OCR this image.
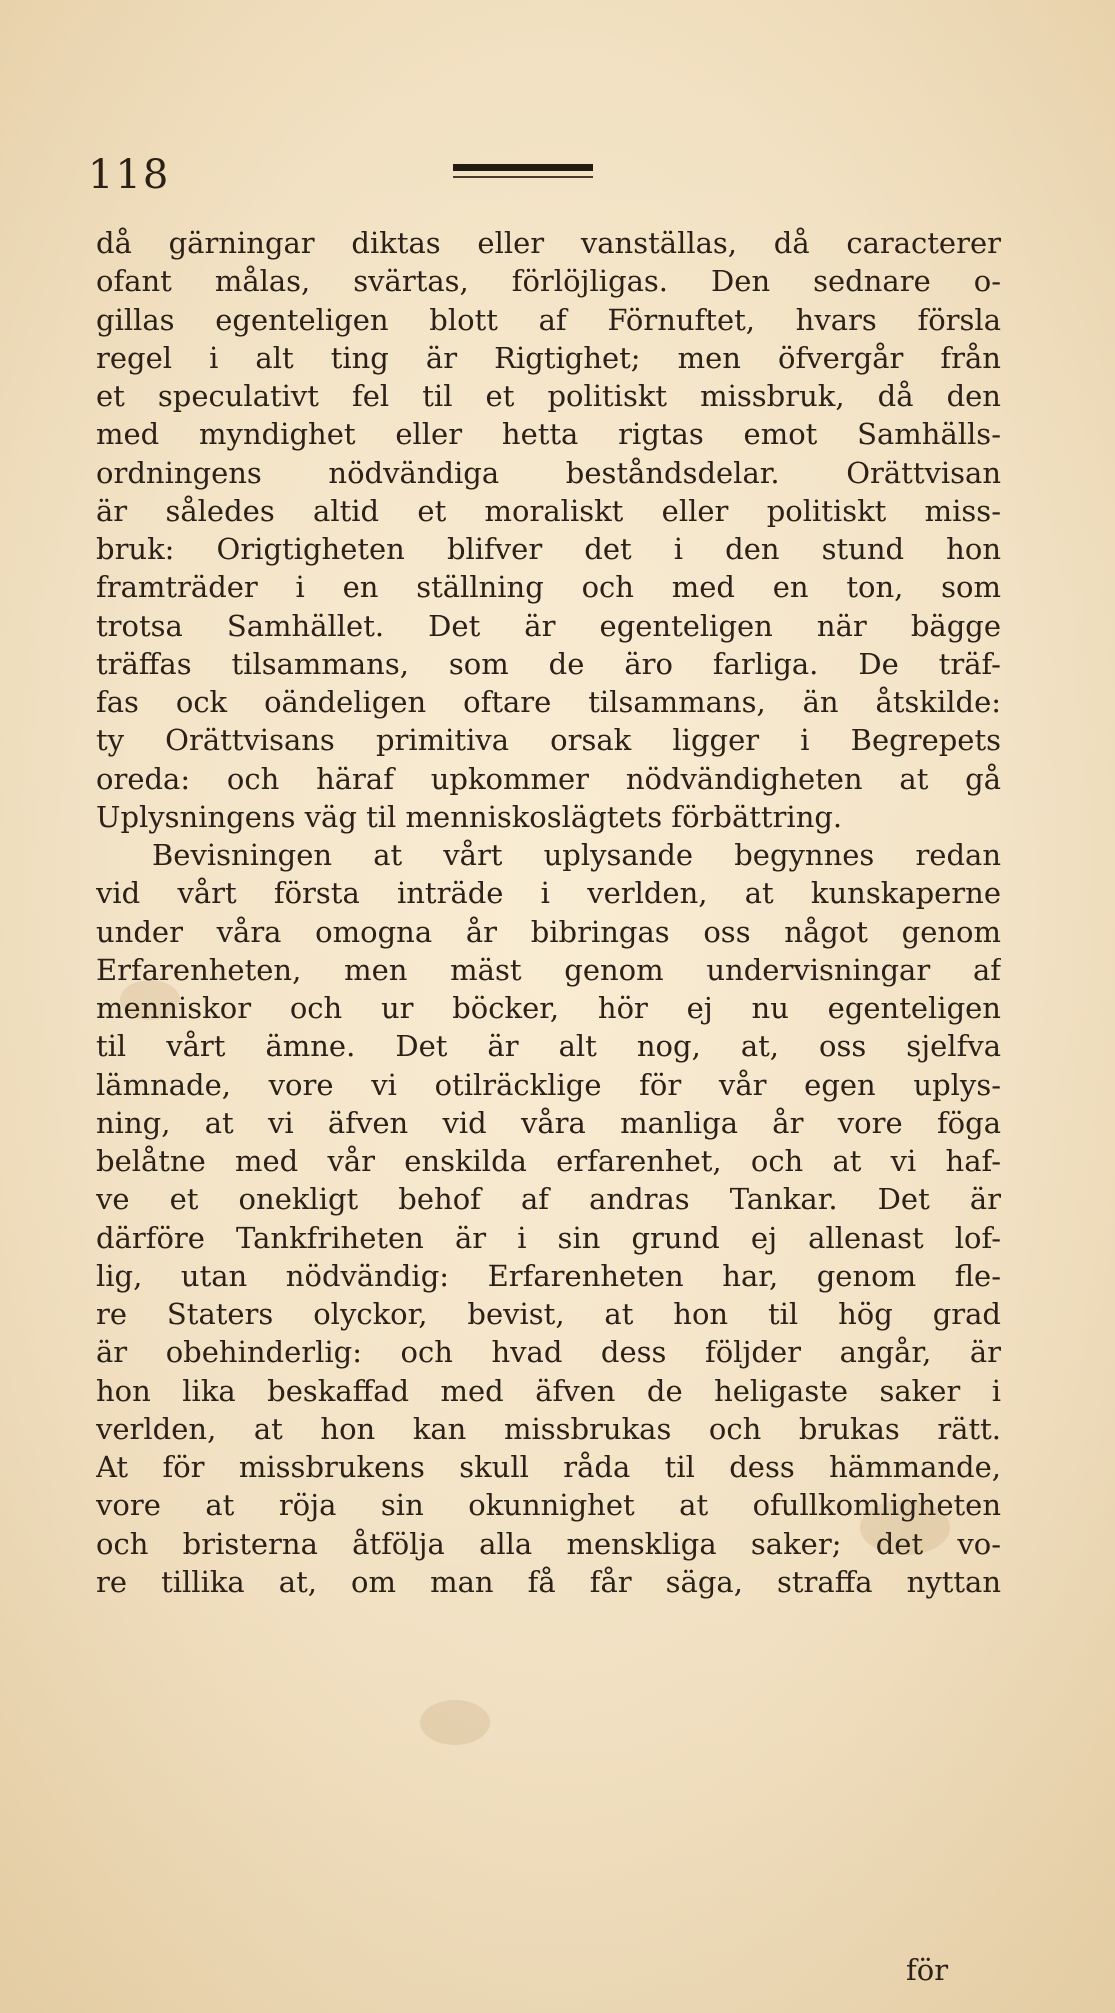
118
då gärningar diktas eller vanställas, då caracterer
ofant målas, svärtas, förlöjligas. Den sednare o-
gillas egenteligen blott af Förnuftet, hvars försla
regel i alt ting är Rigtighet; men öfvergår från
et speculativt fel til et politiskt missbruk, då den
med myndighet eller hetta rigtas emot Samhälls-
ordningens nödvändiga beståndsdelar. Orättvisan
är således altid et moraliskt eller politiskt miss-
bruk: Origtigheten blifver det i den stund hon
framträder i en ställning och med en ton, som
trotsa Samhället. Det är egenteligen när bägge
träffas tilsammans, som de äro farliga. De träf-
fas ock oändeligen oftare tilsammans, än åtskilde:
ty Orättvisans primitiva orsak ligger i Begrepets
oreda: och häraf upkommer nödvändigheten at gå
Uplysningens väg til menniskoslägtets förbättring.
Bevisningen at vårt uplysande begynnes redan
vid vårt första inträde i verlden, at kunskaperne
under våra omogna år bibringas oss något genom
Erfarenheten, men mäst genom undervisningar af
menniskor och ur böcker, hör ej nu egenteligen
til vårt ämne. Det är alt nog, at, oss sjelfva
lämnade, vore vi otilräcklige för vår egen uplys-
ning, at vi äfven vid våra manliga år vore föga
belåtne med vår enskilda erfarenhet, och at vi haf-
ve et onekligt behof af andras Tankar. Det är
därföre Tankfriheten är i sin grund ej allenast lof-
lig, utan nödvändig: Erfarenheten har, genom fle-
re Staters olyckor, bevist, at hon til hög grad
är obehinderlig: och hvad dess följder angår, är
hon lika beskaffad med äfven de heligaste saker i
verlden, at hon kan missbrukas och brukas rätt.
At för missbrukens skull råda til dess hämmande,
vore at röja sin okunnighet at ofullkomligheten
och bristerna åtfölja alla menskliga saker; det vo-
re tillika at, om man få får säga, straffa nyttan
för
